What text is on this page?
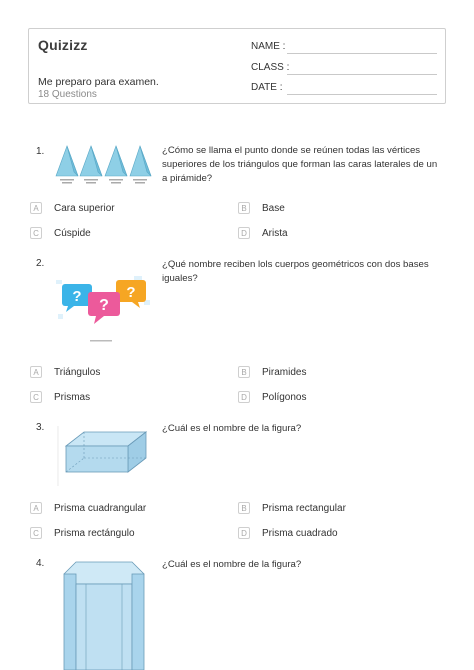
Quizizz
Me preparo para examen.
18 Questions
NAME :
CLASS :
DATE :
1.	¿Cómo se llama el punto donde se reúnen todas las vértices superiores de los triángulos que forman las caras laterales de un a pirámide?
A	Cara superior	B	Base
C	Cúspide	D	Arista
2.
?	?
?
¿Qué nombre reciben lols cuerpos geométricos con dos bases iguales?
A	Triángulos	B	Piramides
C	Prismas	D	Polígonos
3.	¿Cuál es el nombre de la figura?
A	Prisma cuadrangular	B	Prisma rectangular
C	Prisma rectángulo	D	Prisma cuadrado
4.	¿Cuál es el nombre de la figura?
